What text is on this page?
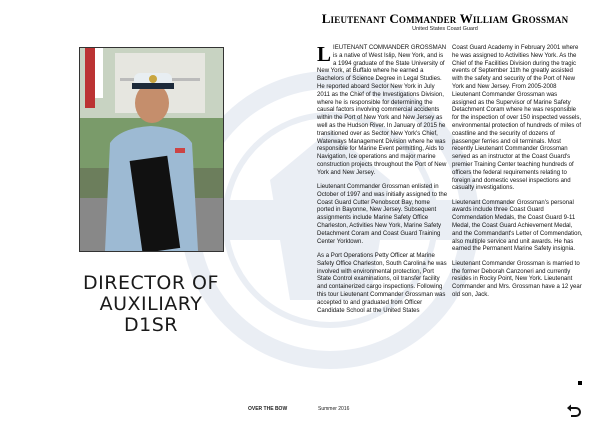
DIRECTOR OF
AUXILIARY
D1SR
Lieutenant Commander William Grossman
United States Coast Guard

LIEUTENANT COMMANDER GROSSMAN is a native of West Islip, New York, and is a 1994 graduate of the State University of New York, at Buffalo where he earned a Bachelors of Science Degree in Legal Studies. He reported aboard Sector New York in July 2011 as the Chief of the Investigations Division, where he is responsible for determining the causal factors involving commercial accidents within the Port of New York and New Jersey as well as the Hudson River. In January of 2015 he transitioned over as Sector New York's Chief, Waterways Management Division where he was responsible for Marine Event permitting, Aids to Navigation, Ice operations and major marine construction projects throughout the Port of New York and New Jersey.

Lieutenant Commander Grossman enlisted in October of 1997 and was initially assigned to the Coast Guard Cutter Penobscot Bay, home ported in Bayonne, New Jersey. Subsequent assignments include Marine Safety Office Charleston, Activities New York, Marine Safety Detachment Coram and Coast Guard Training Center Yorktown.

As a Port Operations Petty Officer at Marine Safety Office Charleston, South Carolina he was involved with environmental protection, Port State Control examinations, oil transfer facility and containerized cargo inspections. Following this tour Lieutenant Commander Grossman was accepted to and graduated from Officer Candidate School at the United States

Coast Guard Academy in February 2001 where he was assigned to Activities New York. As the Chief of the Facilities Division during the tragic events of September 11th he greatly assisted with the safety and security of the Port of New York and New Jersey. From 2005-2008 Lieutenant Commander Grossman was assigned as the Supervisor of Marine Safety Detachment Coram where he was responsible for the inspection of over 150 inspected vessels, environmental protection of hundreds of miles of coastline and the security of dozens of passenger ferries and oil terminals. Most recently Lieutenant Commander Grossman served as an instructor at the Coast Guard's premier Training Center teaching hundreds of officers the federal requirements relating to foreign and domestic vessel inspections and casualty investigations.

Lieutenant Commander Grossman's personal awards include three Coast Guard Commendation Medals, the Coast Guard 9-11 Medal, the Coast Guard Achievement Medal, and the Commandant's Letter of Commendation, also multiple service and unit awards. He has earned the Permanent Marine Safety insignia.

Lieutenant Commander Grossman is married to the former Deborah Canzoneri and currently resides in Rocky Point, New York. Lieutenant Commander and Mrs. Grossman have a 12 year old son, Jack.

OVER THE BOW	Summer 2016
